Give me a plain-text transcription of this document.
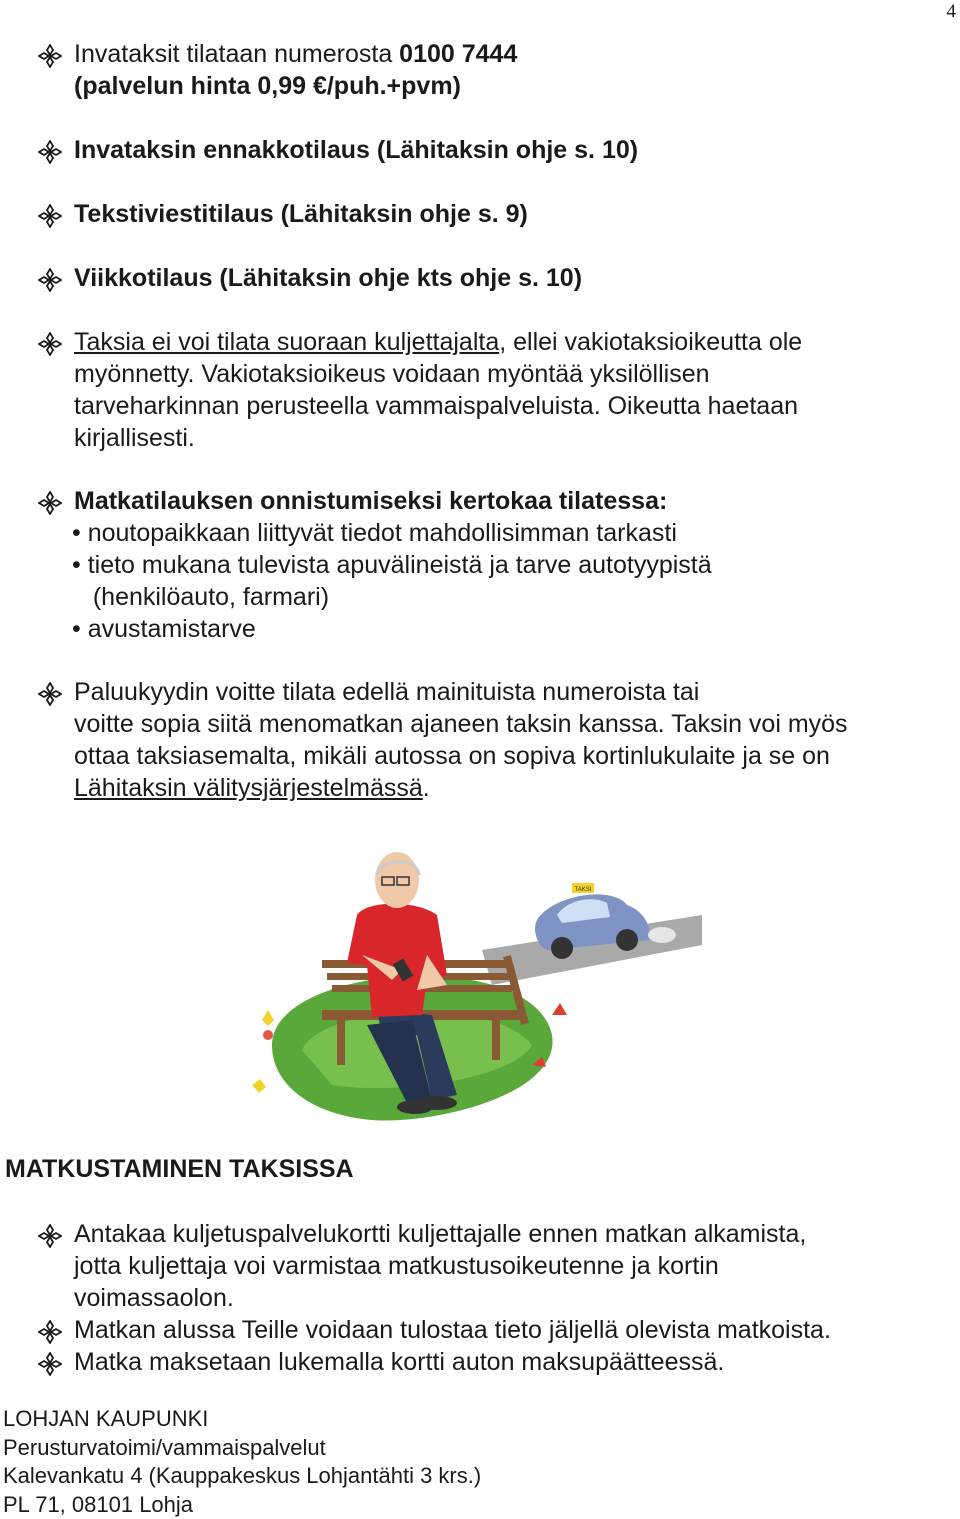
4
Invataksit tilataan numerosta 0100 7444
(palvelun hinta 0,99 €/puh.+pvm)
Invataksin ennakkotilaus (Lähitaksin ohje s. 10)
Tekstiviestitilaus (Lähitaksin ohje s. 9)
Viikkotilaus (Lähitaksin ohje kts ohje s. 10)
Taksia ei voi tilata suoraan kuljettajalta, ellei vakiotaksioikeutta ole
myönnetty. Vakiotaksioikeus voidaan myöntää yksilöllisen
tarveharkinnan perusteella vammaispalveluista. Oikeutta haetaan
kirjallisesti.
Matkatilauksen onnistumiseksi kertokaa tilatessa:
• noutopaikkaan liittyvät tiedot mahdollisimman tarkasti
• tieto mukana tulevista apuvälineistä ja tarve autotyypistä
(henkilöauto, farmari)
• avustamistarve
Paluukyydin voitte tilata edellä mainituista numeroista tai
voitte sopia siitä menomatkan ajaneen taksin kanssa. Taksin voi myös
ottaa taksiasemalta, mikäli autossa on sopiva kortinlukulaite ja se on
Lähitaksin välitysjärjestelmässä.
TAKSI
MATKUSTAMINEN TAKSISSA
Antakaa kuljetuspalvelukortti kuljettajalle ennen matkan alkamista,
jotta kuljettaja voi varmistaa matkustusoikeutenne ja kortin
voimassaolon.
Matkan alussa Teille voidaan tulostaa tieto jäljellä olevista matkoista.
Matka maksetaan lukemalla kortti auton maksupäätteessä.
LOHJAN KAUPUNKI
Perusturvatoimi/vammaispalvelut
Kalevankatu 4 (Kauppakeskus Lohjantähti 3 krs.)
PL 71, 08101 Lohja
